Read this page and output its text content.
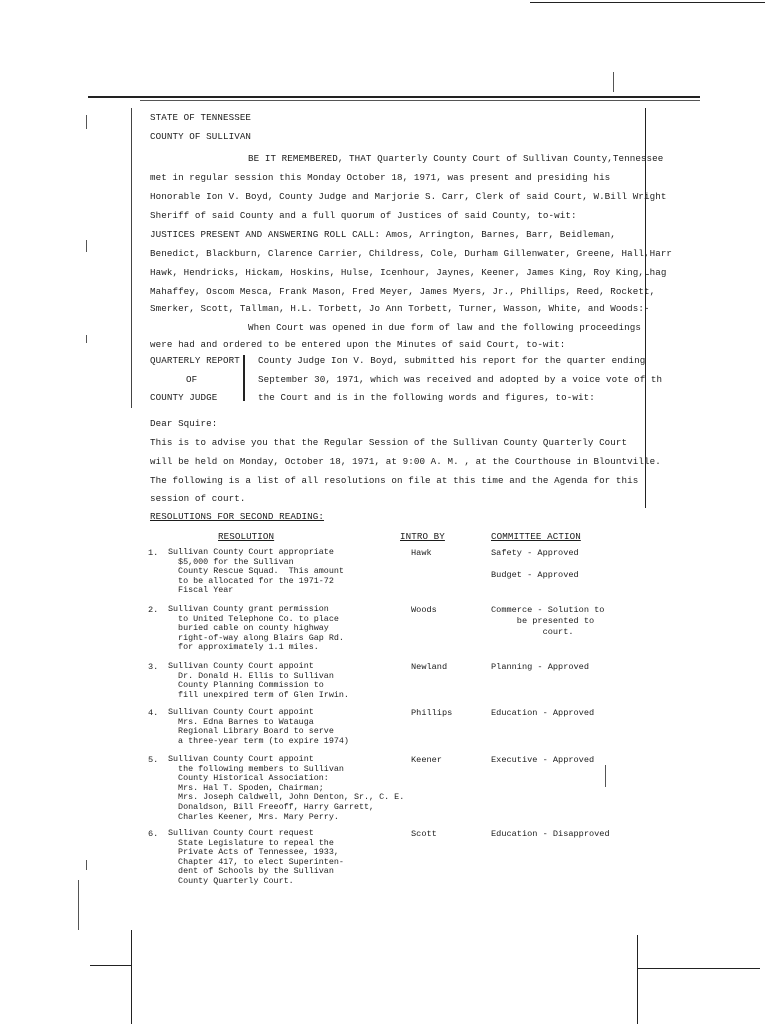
STATE OF TENNESSEE
COUNTY OF SULLIVAN
BE IT REMEMBERED, THAT Quarterly County Court of Sullivan County,Tennessee
met in regular session this Monday October 18, 1971, was present and presiding his
Honorable Ion V. Boyd, County Judge and Marjorie S. Carr, Clerk of said Court, W.Bill Wright
Sheriff of said County and a full quorum of Justices of said County, to-wit:
JUSTICES PRESENT AND ANSWERING ROLL CALL: Amos, Arrington, Barnes, Barr, Beidleman,
Benedict, Blackburn, Clarence Carrier, Childress, Cole, Durham Gillenwater, Greene, Hall,Harr
Hawk, Hendricks, Hickam, Hoskins, Hulse, Icenhour, Jaynes, Keener, James King, Roy King,Lhag
Mahaffey, Oscom Mesca, Frank Mason, Fred Meyer, James Myers, Jr., Phillips, Reed, Rockett,
Smerker, Scott, Tallman, H.L. Torbett, Jo Ann Torbett, Turner, Wasson, White, and Woods:-
When Court was opened in due form of law and the following proceedings
were had and ordered to be entered upon the Minutes of said Court, to-wit:
QUARTERLY REPORT
OF
COUNTY JUDGE
County Judge Ion V. Boyd, submitted his report for the quarter ending
September 30, 1971, which was received and adopted by a voice vote of th
the Court and is in the following words and figures, to-wit:
Dear Squire:
This is to advise you that the Regular Session of the Sullivan County Quarterly Court
will be held on Monday, October 18, 1971, at 9:00 A. M. , at the Courthouse in Blountville.
The following is a list of all resolutions on file at this time and the Agenda for this
session of court.
RESOLUTIONS FOR SECOND READING:
RESOLUTION	INTRO BY	COMMITTEE ACTION
1. Sullivan County Court appropriate
$5,000 for the Sullivan
County Rescue Squad.  This amount
to be allocated for the 1971-72
Fiscal Year
Hawk	Safety - Approved

Budget - Approved
2. Sullivan County grant permission
to United Telephone Co. to place
buried cable on county highway
right-of-way along Blairs Gap Rd.
for approximately 1.1 miles.
Woods	Commerce - Solution to
be presented to
court.
3. Sullivan County Court appoint
Dr. Donald H. Ellis to Sullivan
County Planning Commission to
fill unexpired term of Glen Irwin.
Newland	Planning - Approved
4. Sullivan County Court appoint
Mrs. Edna Barnes to Watauga
Regional Library Board to serve
a three-year term (to expire 1974)
Phillips	Education - Approved
5. Sullivan County Court appoint
the following members to Sullivan
County Historical Association:
Mrs. Hal T. Spoden, Chairman;
Mrs. Joseph Caldwell, John Denton, Sr., C. E.
Donaldson, Bill Freeoff, Harry Garrett,
Charles Keener, Mrs. Mary Perry.
Keener	Executive - Approved
6. Sullivan County Court request
State Legislature to repeal the
Private Acts of Tennessee, 1933,
Chapter 417, to elect Superinten-
dent of Schools by the Sullivan
County Quarterly Court.
Scott	Education - Disapproved
